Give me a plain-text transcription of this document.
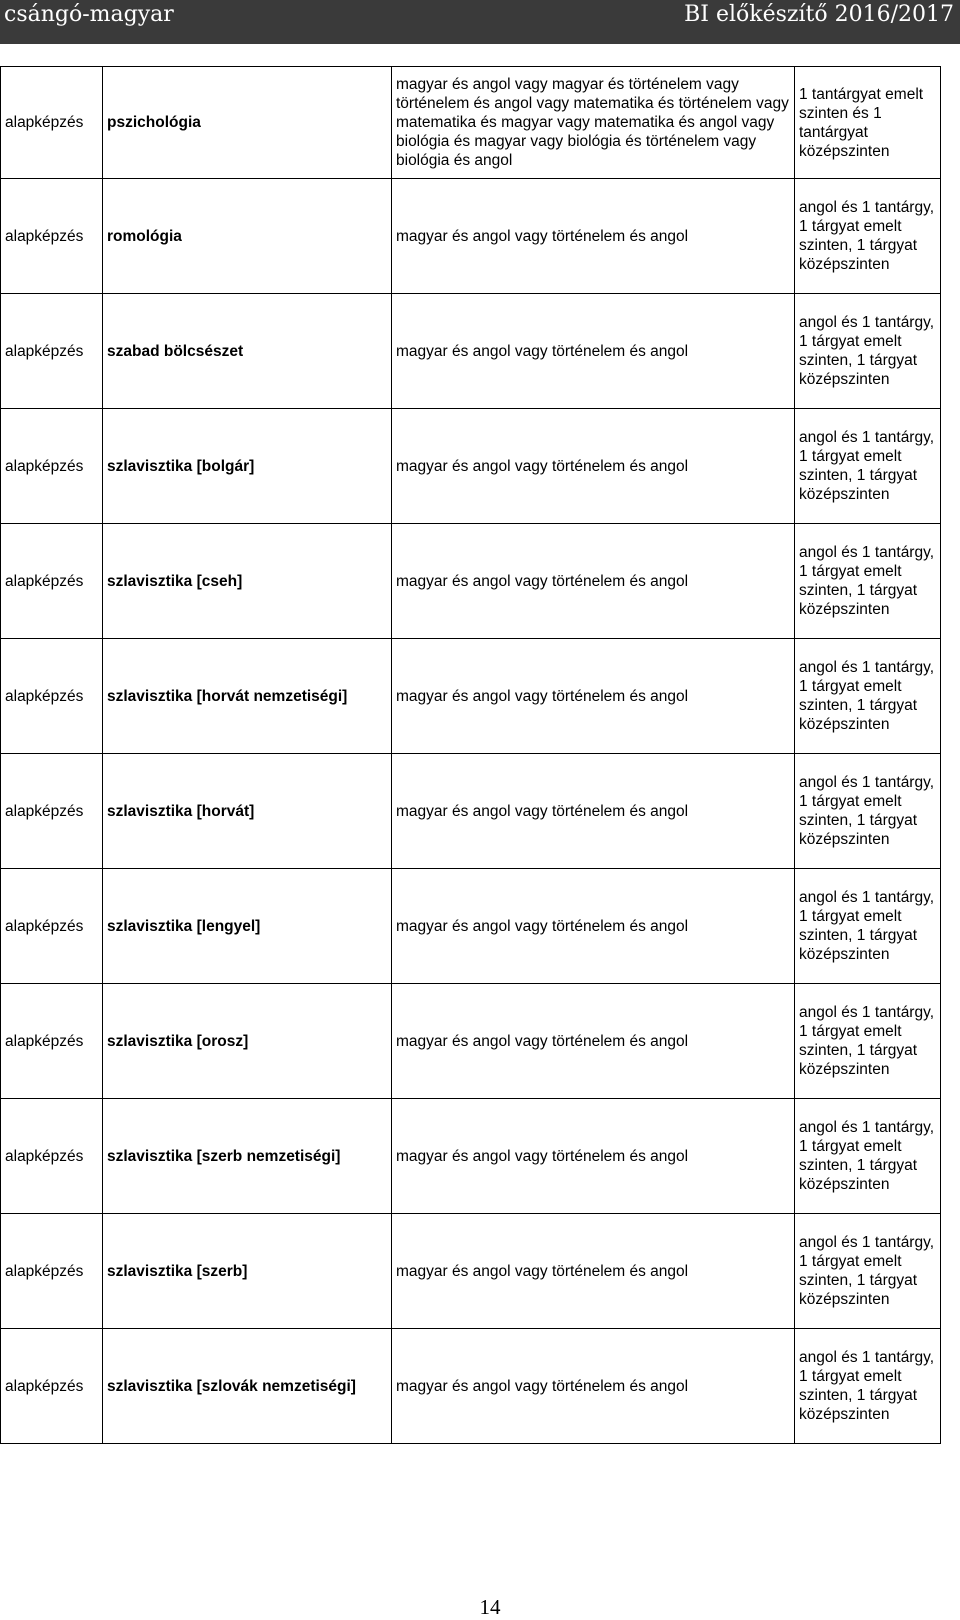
csángó-magyar	BI előkészítő 2016/2017
alapképzés	pszichológia	magyar és angol vagy magyar és történelem vagy történelem és angol vagy matematika és történelem vagy matematika és magyar vagy matematika és angol vagy biológia és magyar vagy biológia és történelem vagy biológia és angol	1 tantárgyat emelt szinten és 1 tantárgyat középszinten
alapképzés	romológia	magyar és angol vagy történelem és angol	angol és 1 tantárgy, 1 tárgyat emelt szinten, 1 tárgyat középszinten
alapképzés	szabad bölcsészet	magyar és angol vagy történelem és angol	angol és 1 tantárgy, 1 tárgyat emelt szinten, 1 tárgyat középszinten
alapképzés	szlavisztika [bolgár]	magyar és angol vagy történelem és angol	angol és 1 tantárgy, 1 tárgyat emelt szinten, 1 tárgyat középszinten
alapképzés	szlavisztika [cseh]	magyar és angol vagy történelem és angol	angol és 1 tantárgy, 1 tárgyat emelt szinten, 1 tárgyat középszinten
alapképzés	szlavisztika [horvát nemzetiségi]	magyar és angol vagy történelem és angol	angol és 1 tantárgy, 1 tárgyat emelt szinten, 1 tárgyat középszinten
alapképzés	szlavisztika [horvát]	magyar és angol vagy történelem és angol	angol és 1 tantárgy, 1 tárgyat emelt szinten, 1 tárgyat középszinten
alapképzés	szlavisztika [lengyel]	magyar és angol vagy történelem és angol	angol és 1 tantárgy, 1 tárgyat emelt szinten, 1 tárgyat középszinten
alapképzés	szlavisztika [orosz]	magyar és angol vagy történelem és angol	angol és 1 tantárgy, 1 tárgyat emelt szinten, 1 tárgyat középszinten
alapképzés	szlavisztika [szerb nemzetiségi]	magyar és angol vagy történelem és angol	angol és 1 tantárgy, 1 tárgyat emelt szinten, 1 tárgyat középszinten
alapképzés	szlavisztika [szerb]	magyar és angol vagy történelem és angol	angol és 1 tantárgy, 1 tárgyat emelt szinten, 1 tárgyat középszinten
alapképzés	szlavisztika [szlovák nemzetiségi]	magyar és angol vagy történelem és angol	angol és 1 tantárgy, 1 tárgyat emelt szinten, 1 tárgyat középszinten
14
